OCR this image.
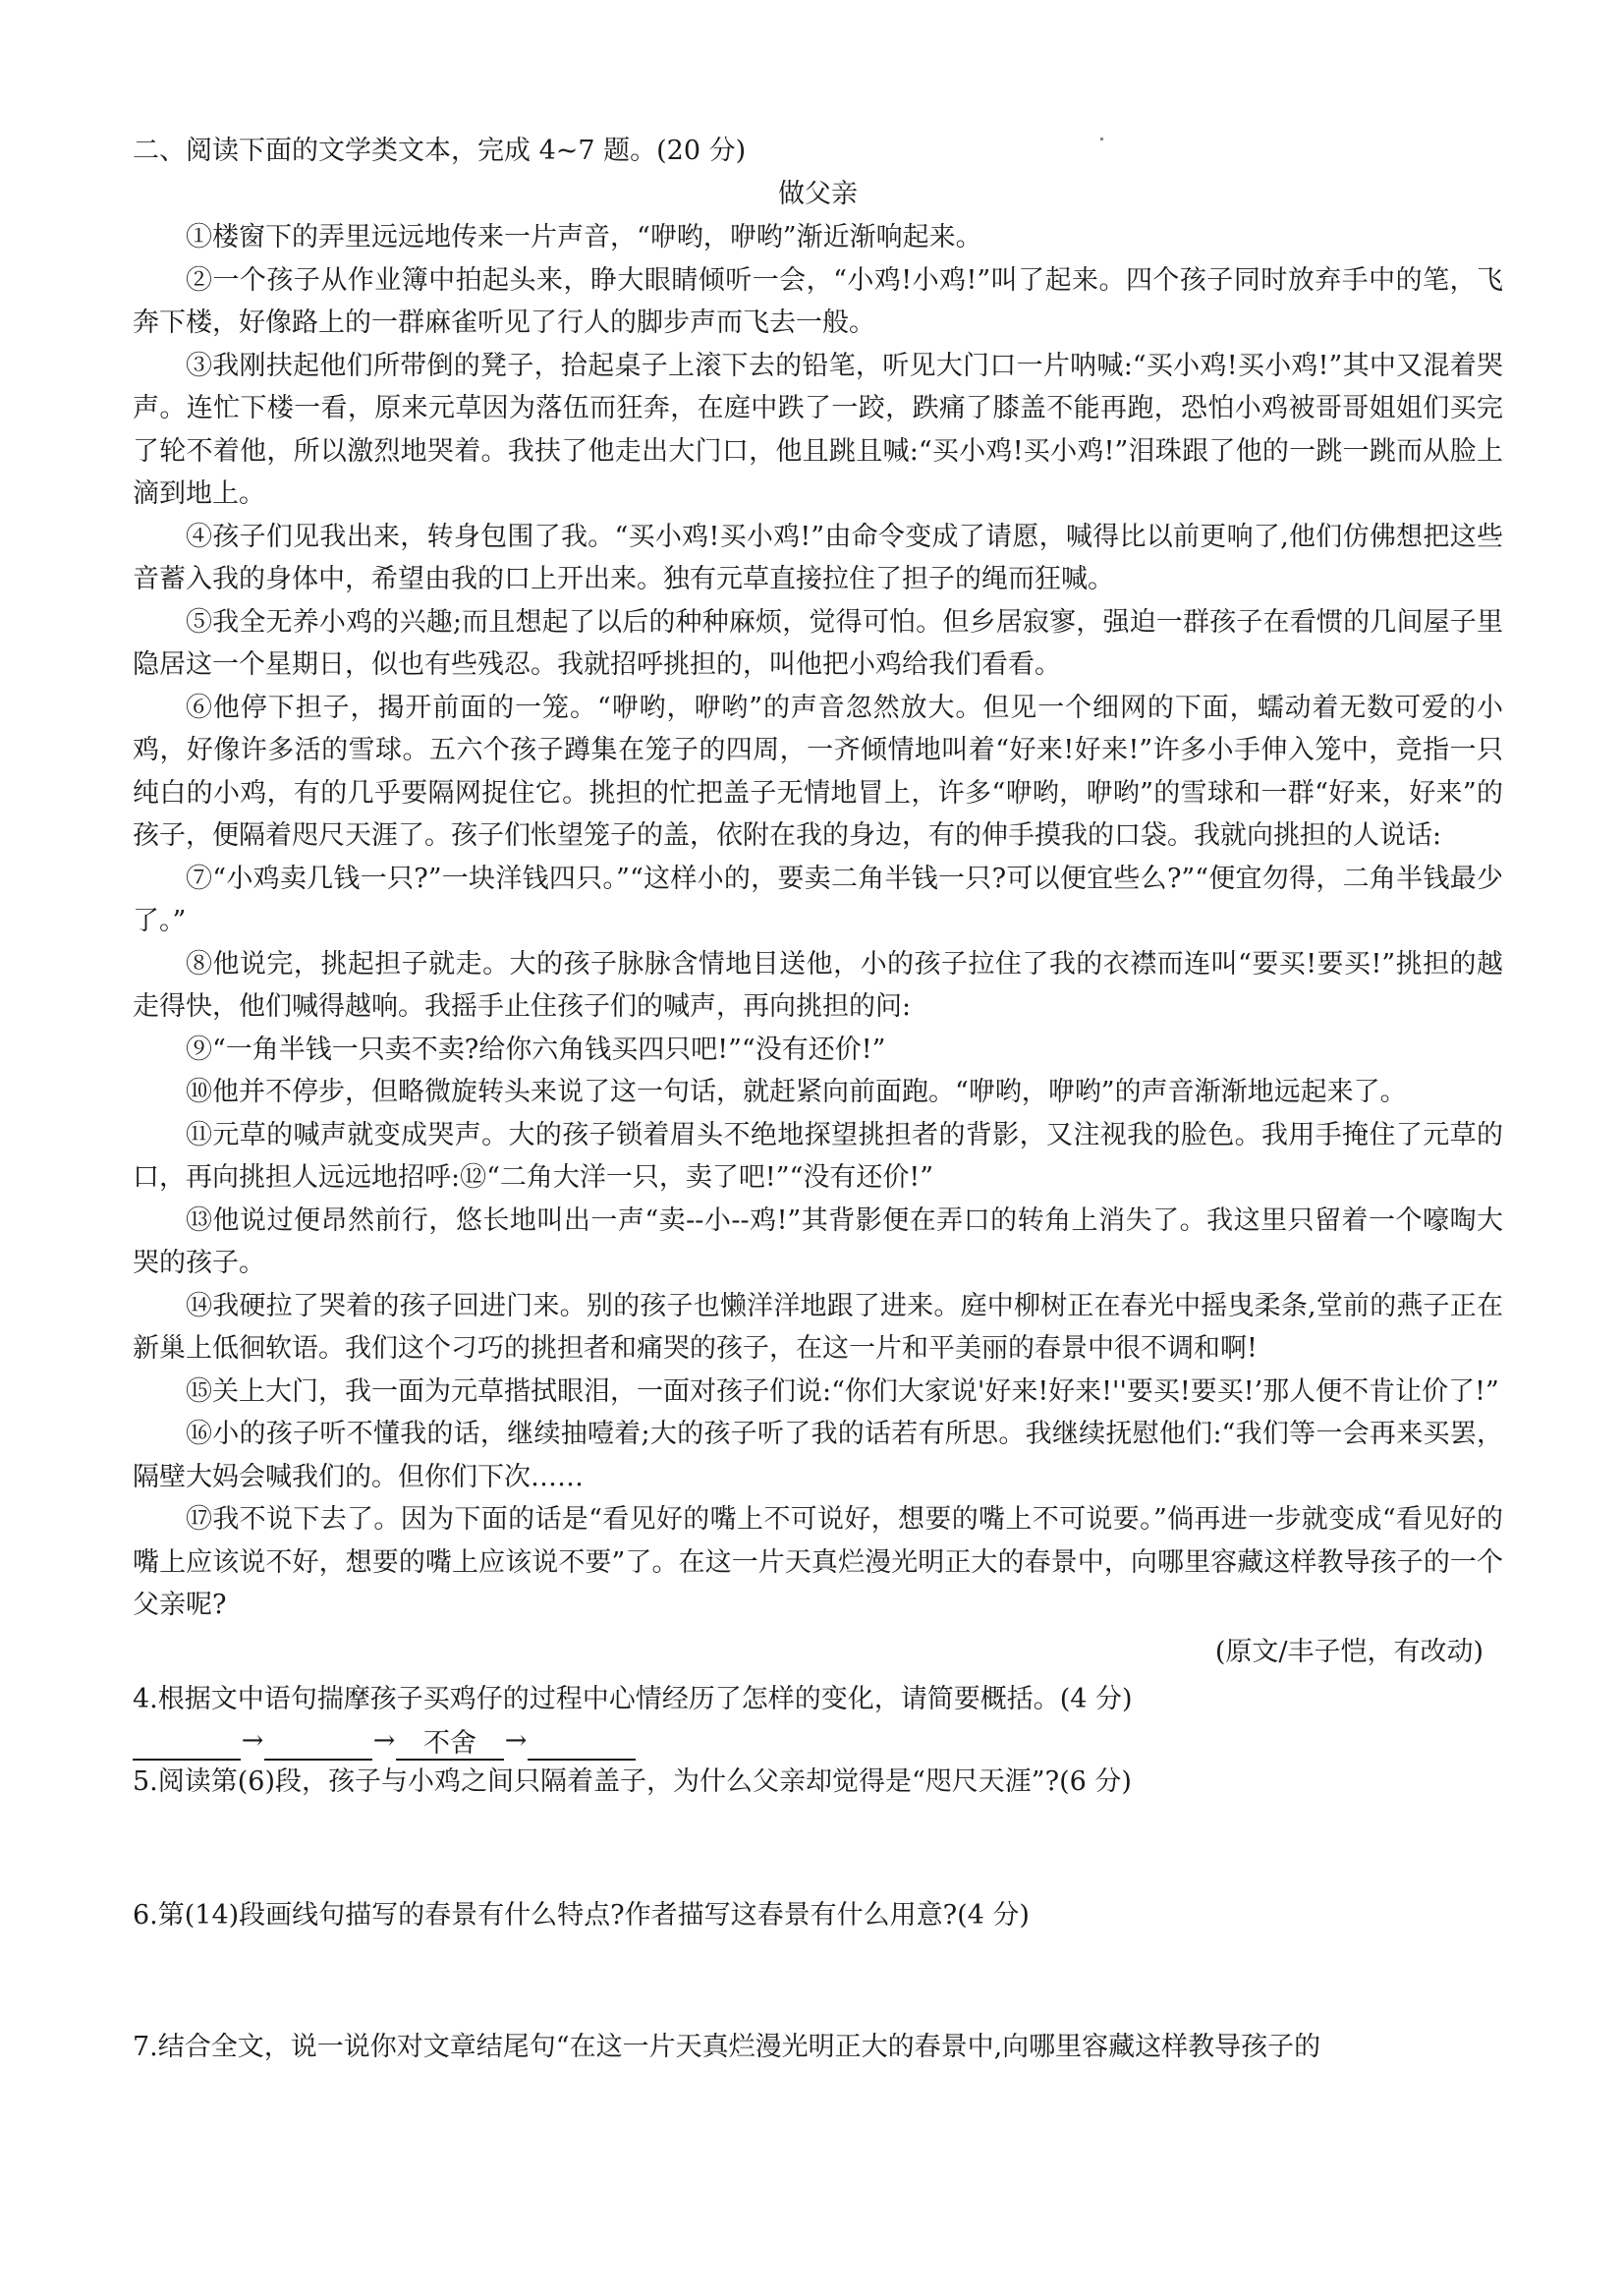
二、阅读下面的文学类文本，完成 4~7 题。(20 分)
做父亲

①楼窗下的弄里远远地传来一片声音，“咿哟，咿哟”渐近渐响起来。

②一个孩子从作业簿中拍起头来，睁大眼睛倾听一会，“小鸡!小鸡!”叫了起来。四个孩子同时放弃手中的笔，飞奔下楼，好像路上的一群麻雀听见了行人的脚步声而飞去一般。

③我刚扶起他们所带倒的凳子，拾起桌子上滚下去的铅笔，听见大门口一片呐喊:“买小鸡!买小鸡!”其中又混着哭声。连忙下楼一看，原来元草因为落伍而狂奔，在庭中跌了一跤，跌痛了膝盖不能再跑，恐怕小鸡被哥哥姐姐们买完了轮不着他，所以激烈地哭着。我扶了他走出大门口，他且跳且喊:“买小鸡!买小鸡!”泪珠跟了他的一跳一跳而从脸上滴到地上。

④孩子们见我出来，转身包围了我。“买小鸡!买小鸡!”由命令变成了请愿，喊得比以前更响了,他们仿佛想把这些音蓄入我的身体中，希望由我的口上开出来。独有元草直接拉住了担子的绳而狂喊。

⑤我全无养小鸡的兴趣;而且想起了以后的种种麻烦，觉得可怕。但乡居寂寥，强迫一群孩子在看惯的几间屋子里隐居这一个星期日，似也有些残忍。我就招呼挑担的，叫他把小鸡给我们看看。

⑥他停下担子，揭开前面的一笼。“咿哟，咿哟”的声音忽然放大。但见一个细网的下面，蠕动着无数可爱的小鸡，好像许多活的雪球。五六个孩子蹲集在笼子的四周，一齐倾情地叫着“好来!好来!”许多小手伸入笼中，竞指一只纯白的小鸡，有的几乎要隔网捉住它。挑担的忙把盖子无情地冒上，许多“咿哟，咿哟”的雪球和一群“好来，好来”的孩子，便隔着咫尺天涯了。孩子们怅望笼子的盖，依附在我的身边，有的伸手摸我的口袋。我就向挑担的人说话:

⑦“小鸡卖几钱一只?”一块洋钱四只。”“这样小的，要卖二角半钱一只?可以便宜些么?”“便宜勿得，二角半钱最少了。”

⑧他说完，挑起担子就走。大的孩子脉脉含情地目送他，小的孩子拉住了我的衣襟而连叫“要买!要买!”挑担的越走得快，他们喊得越响。我摇手止住孩子们的喊声，再向挑担的问:

⑨“一角半钱一只卖不卖?给你六角钱买四只吧!”“没有还价!”

⑩他并不停步，但略微旋转头来说了这一句话，就赶紧向前面跑。“咿哟，咿哟”的声音渐渐地远起来了。

⑪元草的喊声就变成哭声。大的孩子锁着眉头不绝地探望挑担者的背影，又注视我的脸色。我用手掩住了元草的口，再向挑担人远远地招呼:⑫“二角大洋一只，卖了吧!”“没有还价!”

⑬他说过便昂然前行，悠长地叫出一声“卖--小--鸡!”其背影便在弄口的转角上消失了。我这里只留着一个嚎啕大哭的孩子。

⑭我硬拉了哭着的孩子回进门来。别的孩子也懒洋洋地跟了进来。庭中柳树正在春光中摇曳柔条,堂前的燕子正在新巢上低徊软语。我们这个刁巧的挑担者和痛哭的孩子，在这一片和平美丽的春景中很不调和啊!

⑮关上大门，我一面为元草揩拭眼泪，一面对孩子们说:“你们大家说'好来!好来!''要买!要买!’那人便不肯让价了!”

⑯小的孩子听不懂我的话，继续抽噎着;大的孩子听了我的话若有所思。我继续抚慰他们:“我们等一会再来买罢，隔壁大妈会喊我们的。但你们下次……

⑰我不说下去了。因为下面的话是“看见好的嘴上不可说好，想要的嘴上不可说要。”倘再进一步就变成“看见好的嘴上应该说不好，想要的嘴上应该说不要”了。在这一片天真烂漫光明正大的春景中，向哪里容藏这样教导孩子的一个父亲呢?

(原文/丰子恺，有改动)
4.根据文中语句揣摩孩子买鸡仔的过程中心情经历了怎样的变化，请简要概括。(4 分)
→	→ 不舍 →
5.阅读第(6)段，孩子与小鸡之间只隔着盖子，为什么父亲却觉得是“咫尺天涯”?(6 分)
6.第(14)段画线句描写的春景有什么特点?作者描写这春景有什么用意?(4 分)
7.结合全文，说一说你对文章结尾句“在这一片天真烂漫光明正大的春景中,向哪里容藏这样教导孩子的
